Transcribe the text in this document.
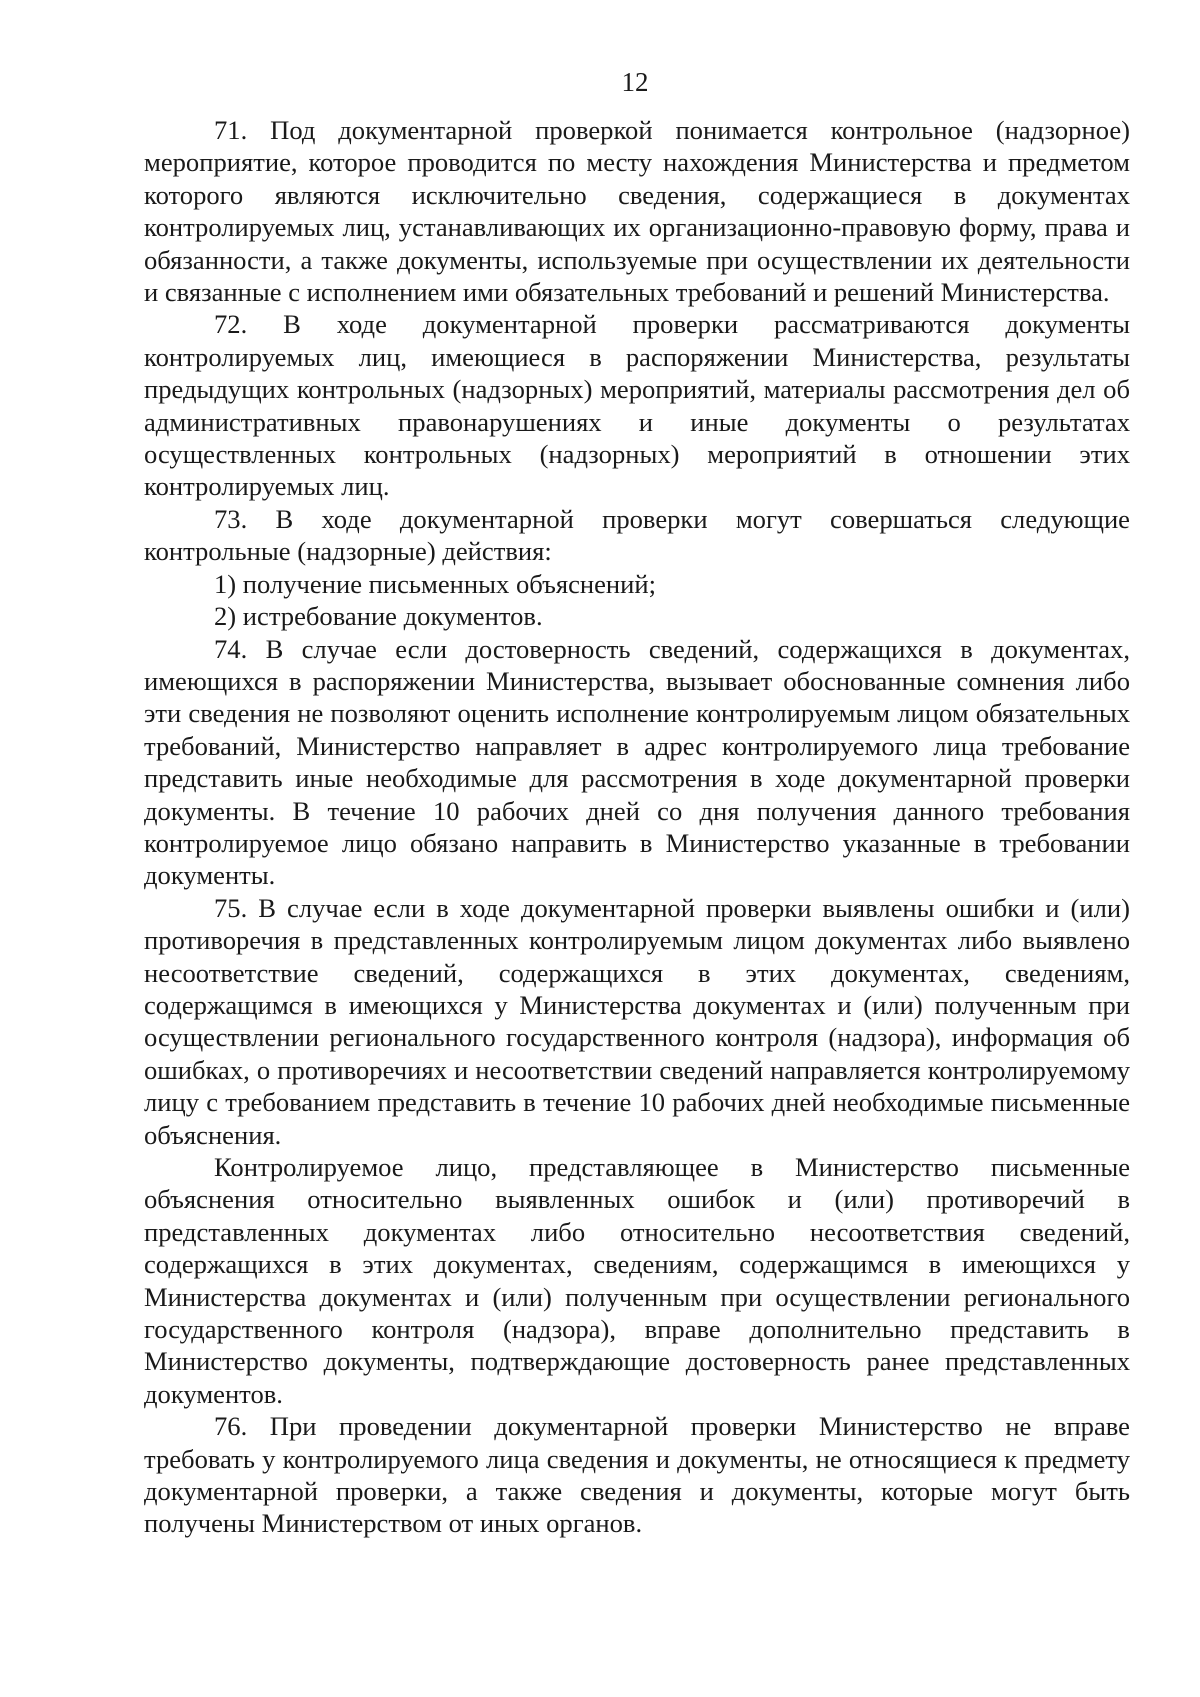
12

71. Под документарной проверкой понимается контрольное (надзорное) мероприятие, которое проводится по месту нахождения Министерства и предметом которого являются исключительно сведения, содержащиеся в документах контролируемых лиц, устанавливающих их организационно-правовую форму, права и обязанности, а также документы, используемые при осуществлении их деятельности и связанные с исполнением ими обязательных требований и решений Министерства.

72. В ходе документарной проверки рассматриваются документы контролируемых лиц, имеющиеся в распоряжении Министерства, результаты предыдущих контрольных (надзорных) мероприятий, материалы рассмотрения дел об административных правонарушениях и иные документы о результатах осуществленных контрольных (надзорных) мероприятий в отношении этих контролируемых лиц.

73. В ходе документарной проверки могут совершаться следующие контрольные (надзорные) действия:

1) получение письменных объяснений;

2) истребование документов.

74. В случае если достоверность сведений, содержащихся в документах, имеющихся в распоряжении Министерства, вызывает обоснованные сомнения либо эти сведения не позволяют оценить исполнение контролируемым лицом обязательных требований, Министерство направляет в адрес контролируемого лица требование представить иные необходимые для рассмотрения в ходе документарной проверки документы. В течение 10 рабочих дней со дня получения данного требования контролируемое лицо обязано направить в Министерство указанные в требовании документы.

75. В случае если в ходе документарной проверки выявлены ошибки и (или) противоречия в представленных контролируемым лицом документах либо выявлено несоответствие сведений, содержащихся в этих документах, сведениям, содержащимся в имеющихся у Министерства документах и (или) полученным при осуществлении регионального государственного контроля (надзора), информация об ошибках, о противоречиях и несоответствии сведений направляется контролируемому лицу с требованием представить в течение 10 рабочих дней необходимые письменные объяснения.

Контролируемое лицо, представляющее в Министерство письменные объяснения относительно выявленных ошибок и (или) противоречий в представленных документах либо относительно несоответствия сведений, содержащихся в этих документах, сведениям, содержащимся в имеющихся у Министерства документах и (или) полученным при осуществлении регионального государственного контроля (надзора), вправе дополнительно представить в Министерство документы, подтверждающие достоверность ранее представленных документов.

76. При проведении документарной проверки Министерство не вправе требовать у контролируемого лица сведения и документы, не относящиеся к предмету документарной проверки, а также сведения и документы, которые могут быть получены Министерством от иных органов.
